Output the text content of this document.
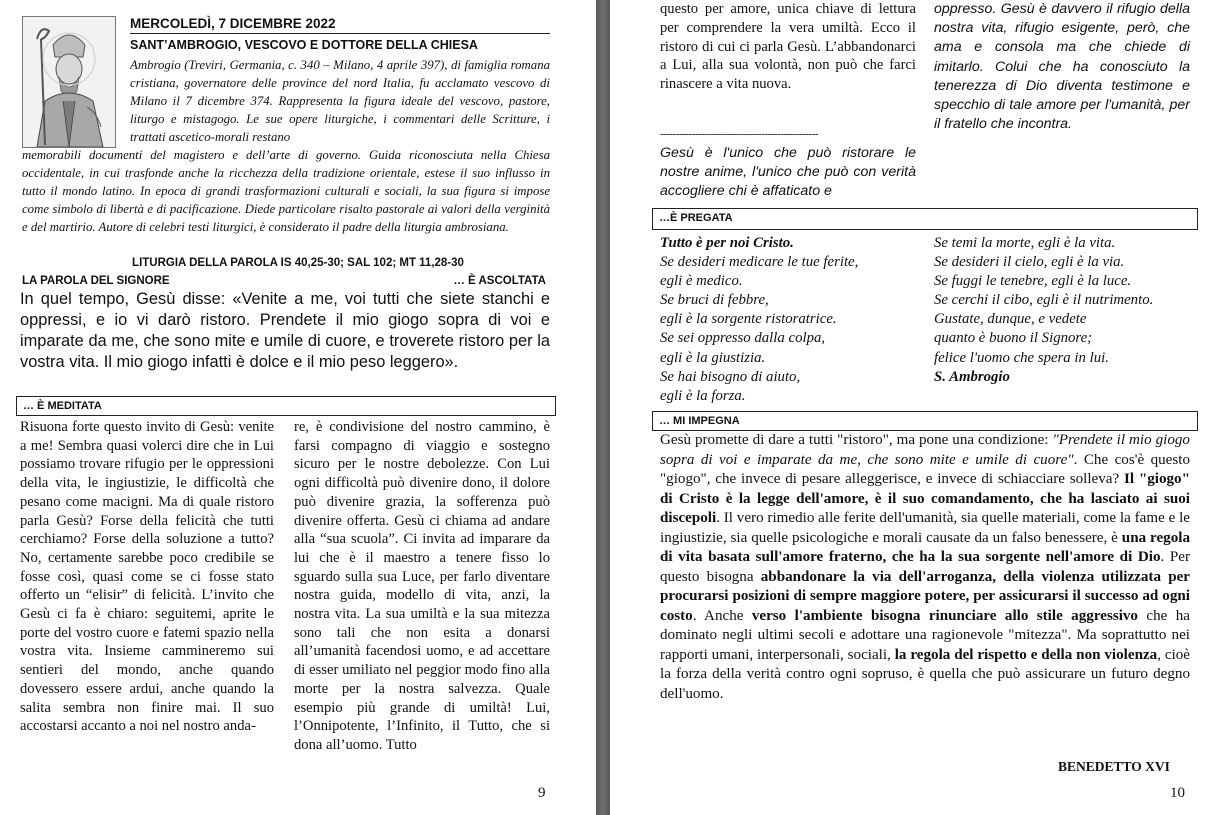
MERCOLEDÌ, 7 DICEMBRE 2022
SANT’AMBROGIO, VESCOVO E DOTTORE DELLA CHIESA

Ambrogio (Treviri, Germania, c. 340 – Milano, 4 aprile 397), di famiglia romana cristiana, governatore delle province del nord Italia, fu acclamato vescovo di Milano il 7 dicembre 374. Rappresenta la figura ideale del vescovo, pastore, liturgo e mistagogo. Le sue opere liturgiche, i commentari delle Scritture, i trattati ascetico-morali restano

memorabili documenti del magistero e dell’arte di governo. Guida riconosciuta nella Chiesa occidentale, in cui trasfonde anche la ricchezza della tradizione orientale, estese il suo influsso in tutto il mondo latino. In epoca di grandi trasformazioni culturali e sociali, la sua figura si impose come simbolo di libertà e di pacificazione. Diede particolare risalto pastorale ai valori della verginità e del martirio. Autore di celebri testi liturgici, è considerato il padre della liturgia ambrosiana.

LITURGIA DELLA PAROLA IS 40,25-30; SAL 102; MT 11,28-30
LA PAROLA DEL SIGNORE	… È ASCOLTATA

In quel tempo, Gesù disse: «Venite a me, voi tutti che siete stanchi e oppressi, e io vi darò ristoro. Prendete il mio giogo sopra di voi e imparate da me, che sono mite e umile di cuore, e troverete ristoro per la vostra vita. Il mio giogo infatti è dolce e il mio peso leggero».

… È MEDITATA

Risuona forte questo invito di Gesù: venite a me! Sembra quasi volerci dire che in Lui possiamo trovare rifugio per le oppressioni della vita, le ingiustizie, le difficoltà che pesano come macigni. Ma di quale ristoro parla Gesù? Forse della felicità che tutti cerchiamo? Forse della soluzione a tutto? No, certamente sarebbe poco credibile se fosse così, quasi come se ci fosse stato offerto un “elisir” di felicità. L’invito che Gesù ci fa è chiaro: seguitemi, aprite le porte del vostro cuore e fatemi spazio nella vostra vita. Insieme cammineremo sui sentieri del mondo, anche quando dovessero essere ardui, anche quando la salita sembra non finire mai. Il suo accostarsi accanto a noi nel nostro anda-

re, è condivisione del nostro cammino, è farsi compagno di viaggio e sostegno sicuro per le nostre debolezze. Con Lui ogni difficoltà può divenire dono, il dolore può divenire grazia, la sofferenza può divenire offerta. Gesù ci chiama ad andare alla “sua scuola”. Ci invita ad imparare da lui che è il maestro a tenere fisso lo sguardo sulla sua Luce, per farlo diventare nostra guida, modello di vita, anzi, la nostra vita. La sua umiltà e la sua mitezza sono tali che non esita a donarsi all’umanità facendosi uomo, e ad accettare di esser umiliato nel peggior modo fino alla morte per la nostra salvezza. Quale esempio più grande di umiltà! Lui, l’Onnipotente, l’Infinito, il Tutto, che si dona all’uomo. Tutto

9

questo per amore, unica chiave di lettura per comprendere la vera umiltà. Ecco il ristoro di cui ci parla Gesù. L’abbandonarci a Lui, alla sua volontà, non può che farci rinascere a vita nuova.

--------------------------------------------------

Gesù è l'unico che può ristorare le nostre anime, l'unico che può con verità accogliere chi è affaticato e

oppresso. Gesù è davvero il rifugio della nostra vita, rifugio esigente, però, che ama e consola ma che chiede di imitarlo. Colui che ha conosciuto la tenerezza di Dio diventa testimone e specchio di tale amore per l'umanità, per il fratello che incontra.

…È PREGATA
Tutto è per noi Cristo.
Se desideri medicare le tue ferite,
egli è medico.
Se bruci di febbre,
egli è la sorgente ristoratrice.
Se sei oppresso dalla colpa,
egli è la giustizia.
Se hai bisogno di aiuto,
egli è la forza.
Se temi la morte, egli è la vita.
Se desideri il cielo, egli è la via.
Se fuggi le tenebre, egli è la luce.
Se cerchi il cibo, egli è il nutrimento.
Gustate, dunque, e vedete
quanto è buono il Signore;
felice l'uomo che spera in lui.
S. Ambrogio
… MI IMPEGNA

Gesù promette di dare a tutti "ristoro", ma pone una condizione: "Prendete il mio giogo sopra di voi e imparate da me, che sono mite e umile di cuore". Che cos'è questo "giogo", che invece di pesare alleggerisce, e invece di schiacciare solleva? Il "giogo" di Cristo è la legge dell'amore, è il suo comandamento, che ha lasciato ai suoi discepoli. Il vero rimedio alle ferite dell'umanità, sia quelle materiali, come la fame e le ingiustizie, sia quelle psicologiche e morali causate da un falso benessere, è una regola di vita basata sull'amore fraterno, che ha la sua sorgente nell'amore di Dio. Per questo bisogna abbandonare la via dell'arroganza, della violenza utilizzata per procurarsi posizioni di sempre maggiore potere, per assicurarsi il successo ad ogni costo. Anche verso l'ambiente bisogna rinunciare allo stile aggressivo che ha dominato negli ultimi secoli e adottare una ragionevole "mitezza". Ma soprattutto nei rapporti umani, interpersonali, sociali, la regola del rispetto e della non violenza, cioè la forza della verità contro ogni sopruso, è quella che può assicurare un futuro degno dell'uomo.

BENEDETTO XVI
10
